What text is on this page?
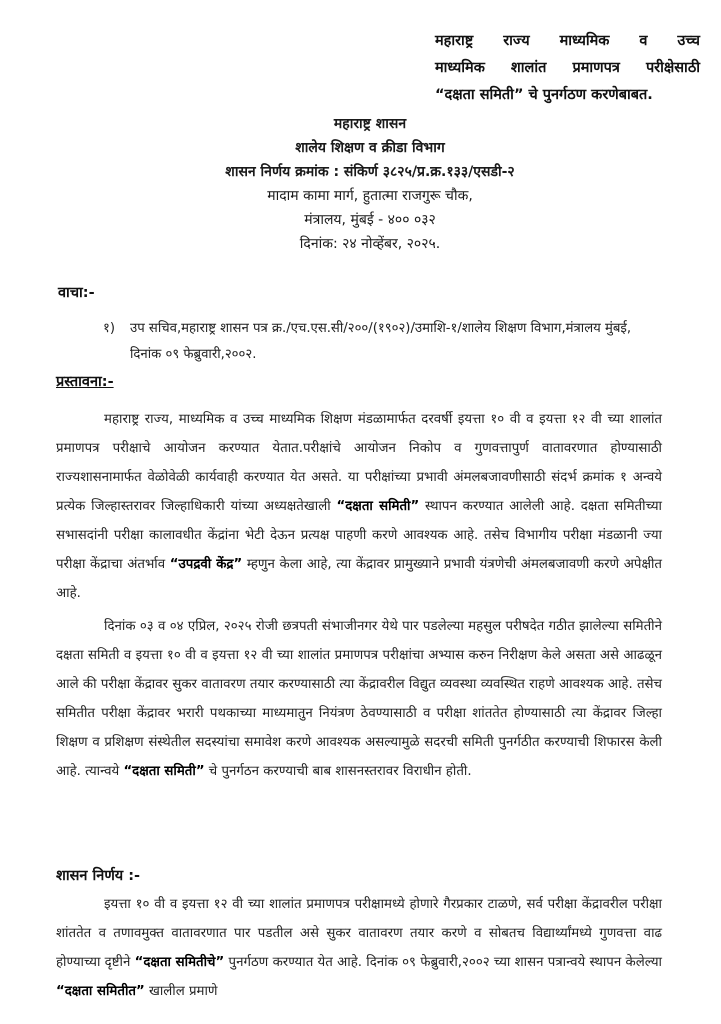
महाराष्ट्र राज्य माध्यमिक व उच्च
माध्यमिक शालांत प्रमाणपत्र परीक्षेसाठी
“दक्षता समिती” चे पुनर्गठण करणेबाबत.
महाराष्ट्र शासन
शालेय शिक्षण व क्रीडा विभाग
शासन निर्णय क्रमांक : संकिर्ण ३८२५/प्र.क्र.१३३/एसडी-२
मादाम कामा मार्ग, हुतात्मा राजगुरू चौक,
मंत्रालय, मुंबई - ४०० ०३२
दिनांक: २४ नोव्हेंबर, २०२५.
वाचा:-
१) उप सचिव,महाराष्ट्र शासन पत्र क्र./एच.एस.सी/२००/(१९०२)/उमाशि-१/शालेय शिक्षण विभाग,मंत्रालय मुंबई, दिनांक ०९ फेब्रुवारी,२००२.
प्रस्तावना:-
महाराष्ट्र राज्य, माध्यमिक व उच्च माध्यमिक शिक्षण मंडळामार्फत दरवर्षी इयत्ता १० वी व इयत्ता १२ वी च्या शालांत प्रमाणपत्र परीक्षाचे आयोजन करण्यात येतात.परीक्षांचे आयोजन निकोप व गुणवत्तापुर्ण वातावरणात होण्यासाठी राज्यशासनामार्फत वेळोवेळी कार्यवाही करण्यात येत असते. या परीक्षांच्या प्रभावी अंमलबजावणीसाठी संदर्भ क्रमांक १ अन्वये प्रत्येक जिल्हास्तरावर जिल्हाधिकारी यांच्या अध्यक्षतेखाली “दक्षता समिती” स्थापन करण्यात आलेली आहे. दक्षता समितीच्या सभासदांनी परीक्षा कालावधीत केंद्रांना भेटी देऊन प्रत्यक्ष पाहणी करणे आवश्यक आहे. तसेच विभागीय परीक्षा मंडळानी ज्या परीक्षा केंद्राचा अंतर्भाव “उपद्रवी केंद्र” म्हणुन केला आहे, त्या केंद्रावर प्रामुख्याने प्रभावी यंत्रणेची अंमलबजावणी करणे अपेक्षीत आहे.
दिनांक ०३ व ०४ एप्रिल, २०२५ रोजी छत्रपती संभाजीनगर येथे पार पडलेल्या महसुल परीषदेत गठीत झालेल्या समितीने दक्षता समिती व इयत्ता १० वी व इयत्ता १२ वी च्या शालांत प्रमाणपत्र परीक्षांचा अभ्यास करुन निरीक्षण केले असता असे आढळून आले की परीक्षा केंद्रावर सुकर वातावरण तयार करण्यासाठी त्या केंद्रावरील विद्युत व्यवस्था व्यवस्थित राहणे आवश्यक आहे. तसेच समितीत परीक्षा केंद्रावर भरारी पथकाच्या माध्यमातुन नियंत्रण ठेवण्यासाठी व परीक्षा शांततेत होण्यासाठी त्या केंद्रावर जिल्हा शिक्षण व प्रशिक्षण संस्थेतील सदस्यांचा समावेश करणे आवश्यक असल्यामुळे सदरची समिती पुनर्गठीत करण्याची शिफारस केली आहे. त्यान्वये “दक्षता समिती” चे पुनर्गठन करण्याची बाब शासनस्तरावर विराधीन होती.
शासन निर्णय :-
इयत्ता १० वी व इयत्ता १२ वी च्या शालांत प्रमाणपत्र परीक्षामध्ये होणारे गैरप्रकार टाळणे, सर्व परीक्षा केंद्रावरील परीक्षा शांततेत व तणावमुक्त वातावरणात पार पडतील असे सुकर वातावरण तयार करणे व सोबतच विद्यार्थ्यांमध्ये गुणवत्ता वाढ होण्याच्या दृष्टीने “दक्षता समितीचे” पुनर्गठण करण्यात येत आहे. दिनांक ०९ फेब्रुवारी,२००२ च्या शासन पत्रान्वये स्थापन केलेल्या “दक्षता समितीत” खालील प्रमाणे
